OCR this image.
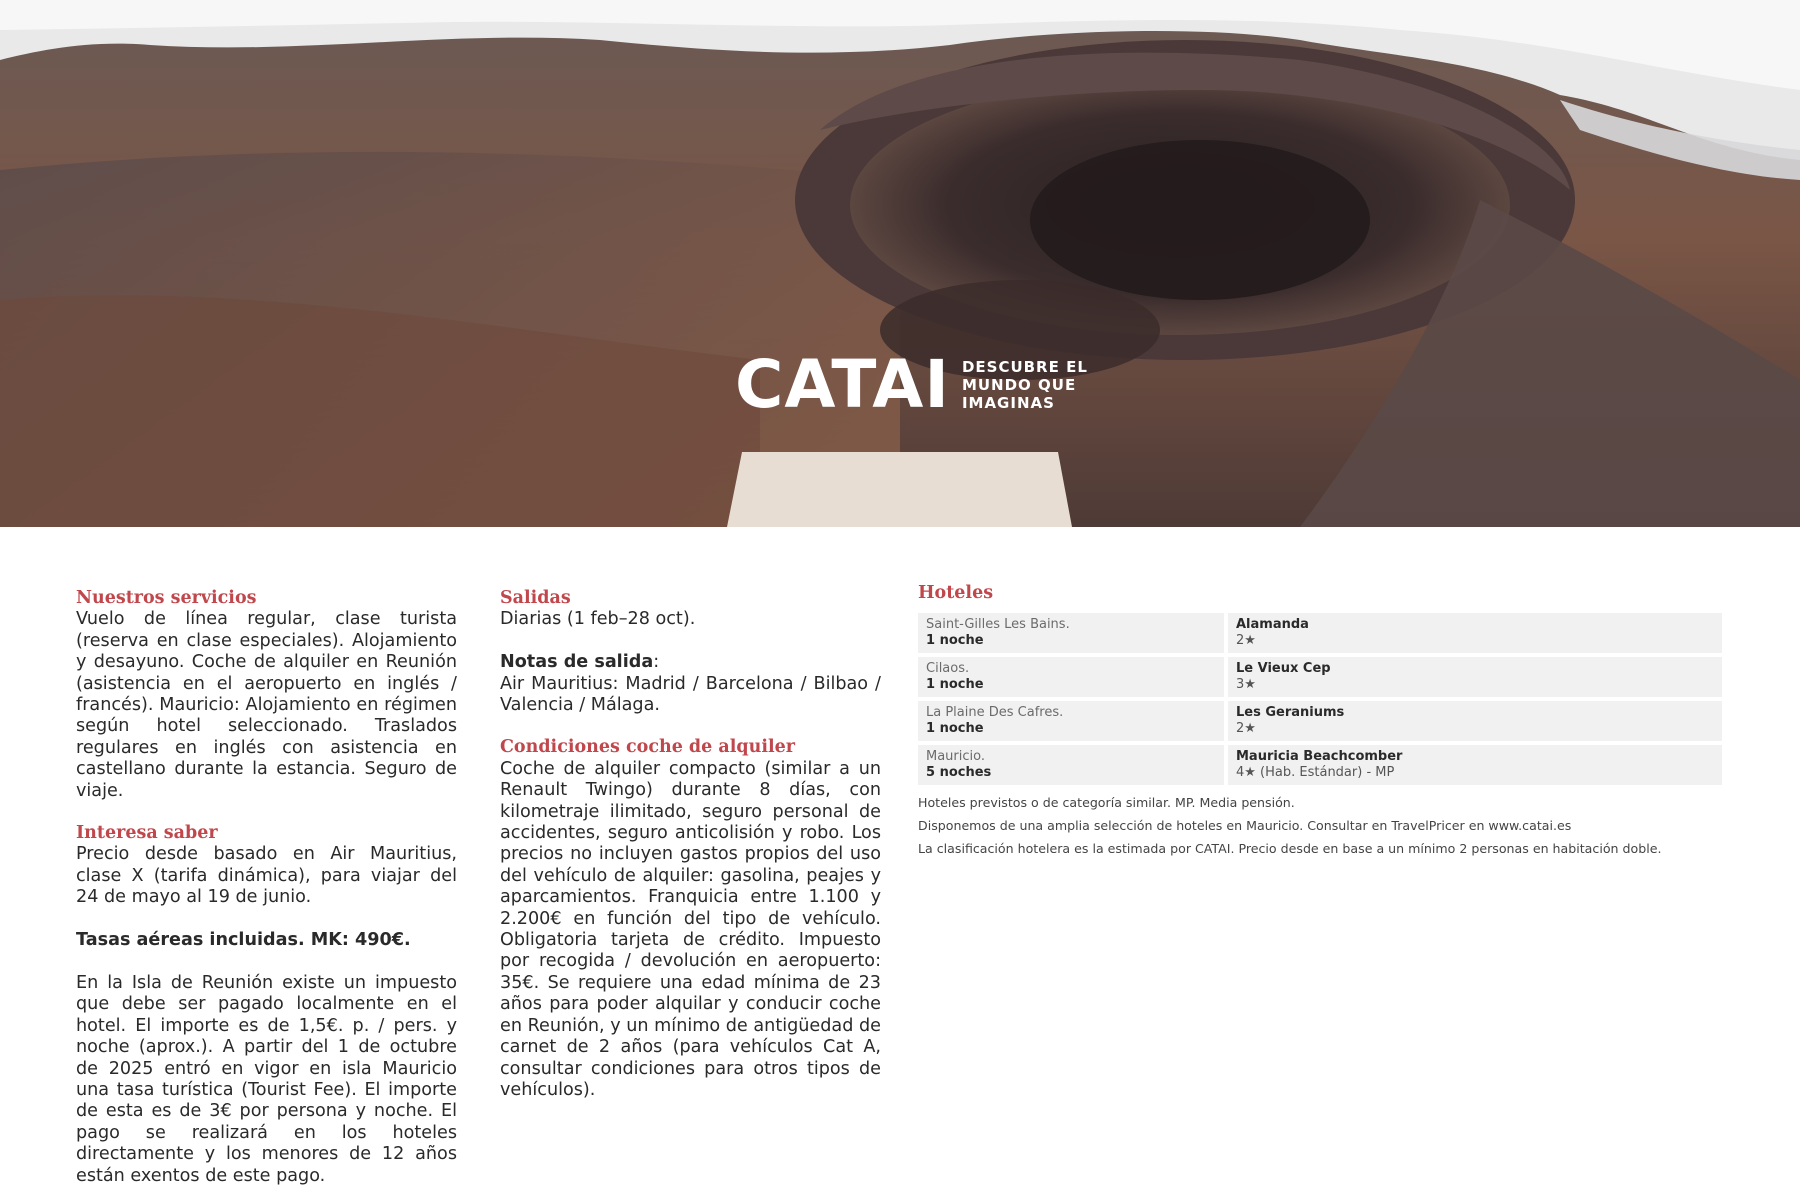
CATAI DESCUBRE EL
MUNDO QUE
IMAGINAS
Nuestros servicios

Vuelo de línea regular, clase turista (reserva en clase especiales). Alojamiento y desayuno. Coche de alquiler en Reunión (asistencia en el aeropuerto en inglés / francés). Mauricio: Alojamiento en régimen según hotel seleccionado. Traslados regulares en inglés con asistencia en castellano durante la estancia. Seguro de viaje.

Interesa saber

Precio desde basado en Air Mauritius, clase X (tarifa dinámica), para viajar del 24 de mayo al 19 de junio.

Tasas aéreas incluidas. MK: 490€.

En la Isla de Reunión existe un impuesto que debe ser pagado localmente en el hotel. El importe es de 1,5€. p. / pers. y noche (aprox.). A partir del 1 de octubre de 2025 entró en vigor en isla Mauricio una tasa turística (Tourist Fee). El importe de esta es de 3€ por persona y noche. El pago se realizará en los hoteles directamente y los menores de 12 años están exentos de este pago.

Salidas

Diarias (1 feb–28 oct).

Notas de salida:

Air Mauritius: Madrid / Barcelona / Bilbao / Valencia / Málaga.

Condiciones coche de alquiler

Coche de alquiler compacto (similar a un Renault Twingo) durante 8 días, con kilometraje ilimitado, seguro personal de accidentes, seguro anticolisión y robo. Los precios no incluyen gastos propios del uso del vehículo de alquiler: gasolina, peajes y aparcamientos. Franquicia entre 1.100 y 2.200€ en función del tipo de vehículo. Obligatoria tarjeta de crédito. Impuesto por recogida / devolución en aeropuerto: 35€. Se requiere una edad mínima de 23 años para poder alquilar y conducir coche en Reunión, y un mínimo de antigüedad de carnet de 2 años (para vehículos Cat A, consultar condiciones para otros tipos de vehículos).

Hoteles
Saint-Gilles Les Bains.
1 noche
Alamanda
2★
Cilaos.
1 noche
Le Vieux Cep
3★
La Plaine Des Cafres.
1 noche
Les Geraniums
2★
Mauricio.
5 noches
Mauricia Beachcomber
4★ (Hab. Estándar) - MP
Hoteles previstos o de categoría similar. MP. Media pensión.
Disponemos de una amplia selección de hoteles en Mauricio. Consultar en TravelPricer en www.catai.es
La clasificación hotelera es la estimada por CATAI. Precio desde en base a un mínimo 2 personas en habitación doble.
